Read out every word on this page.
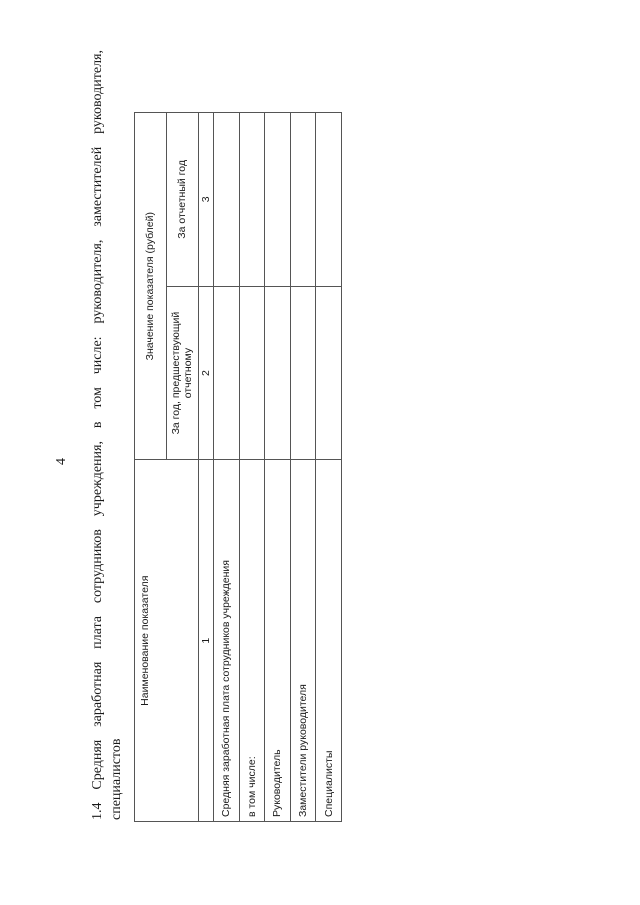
4 1.4 Средняя заработная плата сотрудников учреждения, в том числе: руководителя, заместителей руководителя, специалистов
Наименование показателя	Значение показателя (рублей)	
	За год, предшествующий отчетному	За отчетный год
1	2	3
Средняя заработная плата сотрудников учреждения		
в том числе:		
Руководитель		
Заместители руководителя		
Специалисты		
